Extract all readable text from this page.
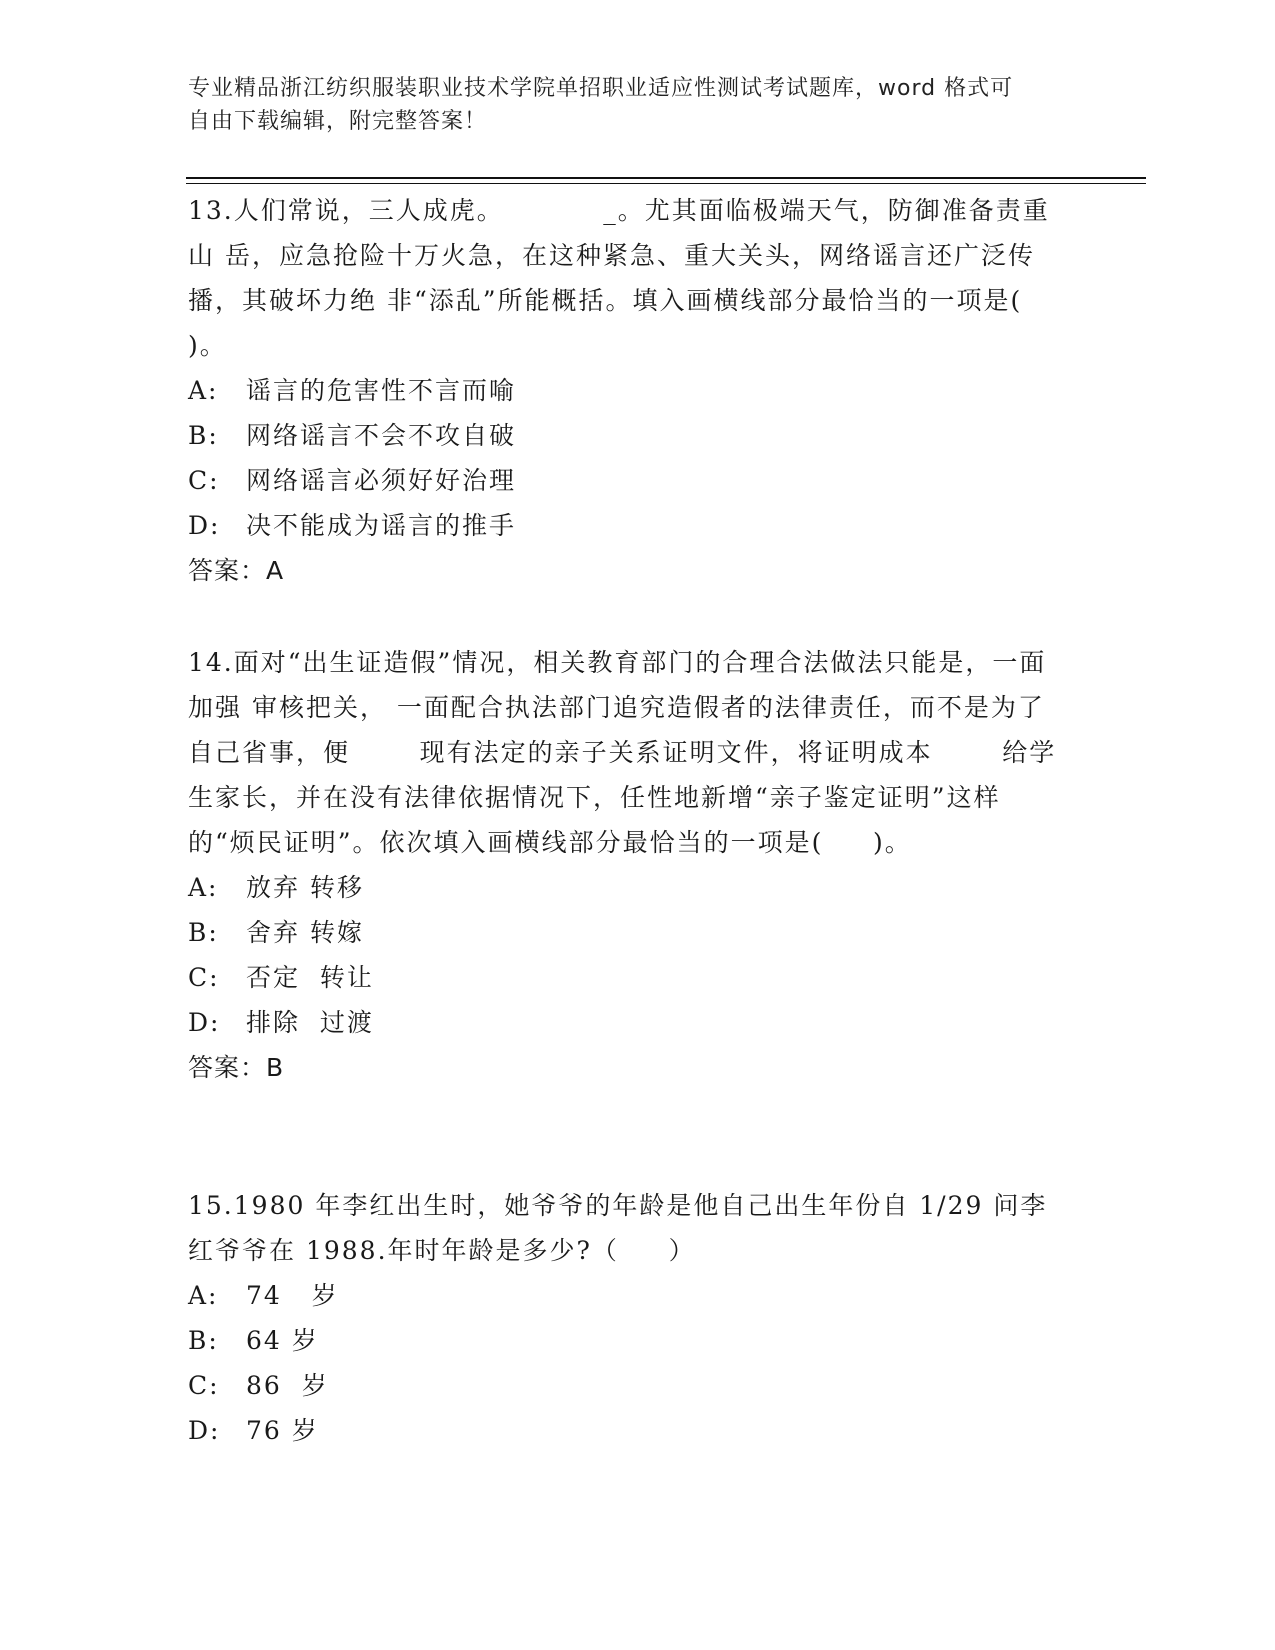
专业精品浙江纺织服装职业技术学院单招职业适应性测试考试题库，word 格式可
自由下载编辑，附完整答案！

13.人们常说，三人成虎。          _。尤其面临极端天气，防御准备责重山 岳，应急抢险十万火急，在这种紧急、重大关头，网络谣言还广泛传播，其破坏力绝 非“添乱”所能概括。填入画横线部分最恰当的一项是(     )。

A:	谣言的危害性不言而喻
B:	网络谣言不会不攻自破
C:	网络谣言必须好好治理
D:	决不能成为谣言的推手

答案：A

14.面对“出生证造假”情况，相关教育部门的合理合法做法只能是，一面加强 审核把关， 一面配合执法部门追究造假者的法律责任，而不是为了自己省事，便       现有法定的亲子关系证明文件，将证明成本       给学生家长，并在没有法律依据情况下，任性地新增“亲子鉴定证明”这样的“烦民证明”。依次填入画横线部分最恰当的一项是(     )。

A:	放弃 转移
B:	舍弃 转嫁
C:	否定  转让
D:	排除  过渡

答案：B

15.1980 年李红出生时，她爷爷的年龄是他自己出生年份自 1/29 问李红爷爷在 1988.年时年龄是多少?（     ）

A:	74   岁
B:	64 岁
C:	86  岁
D:	76 岁
